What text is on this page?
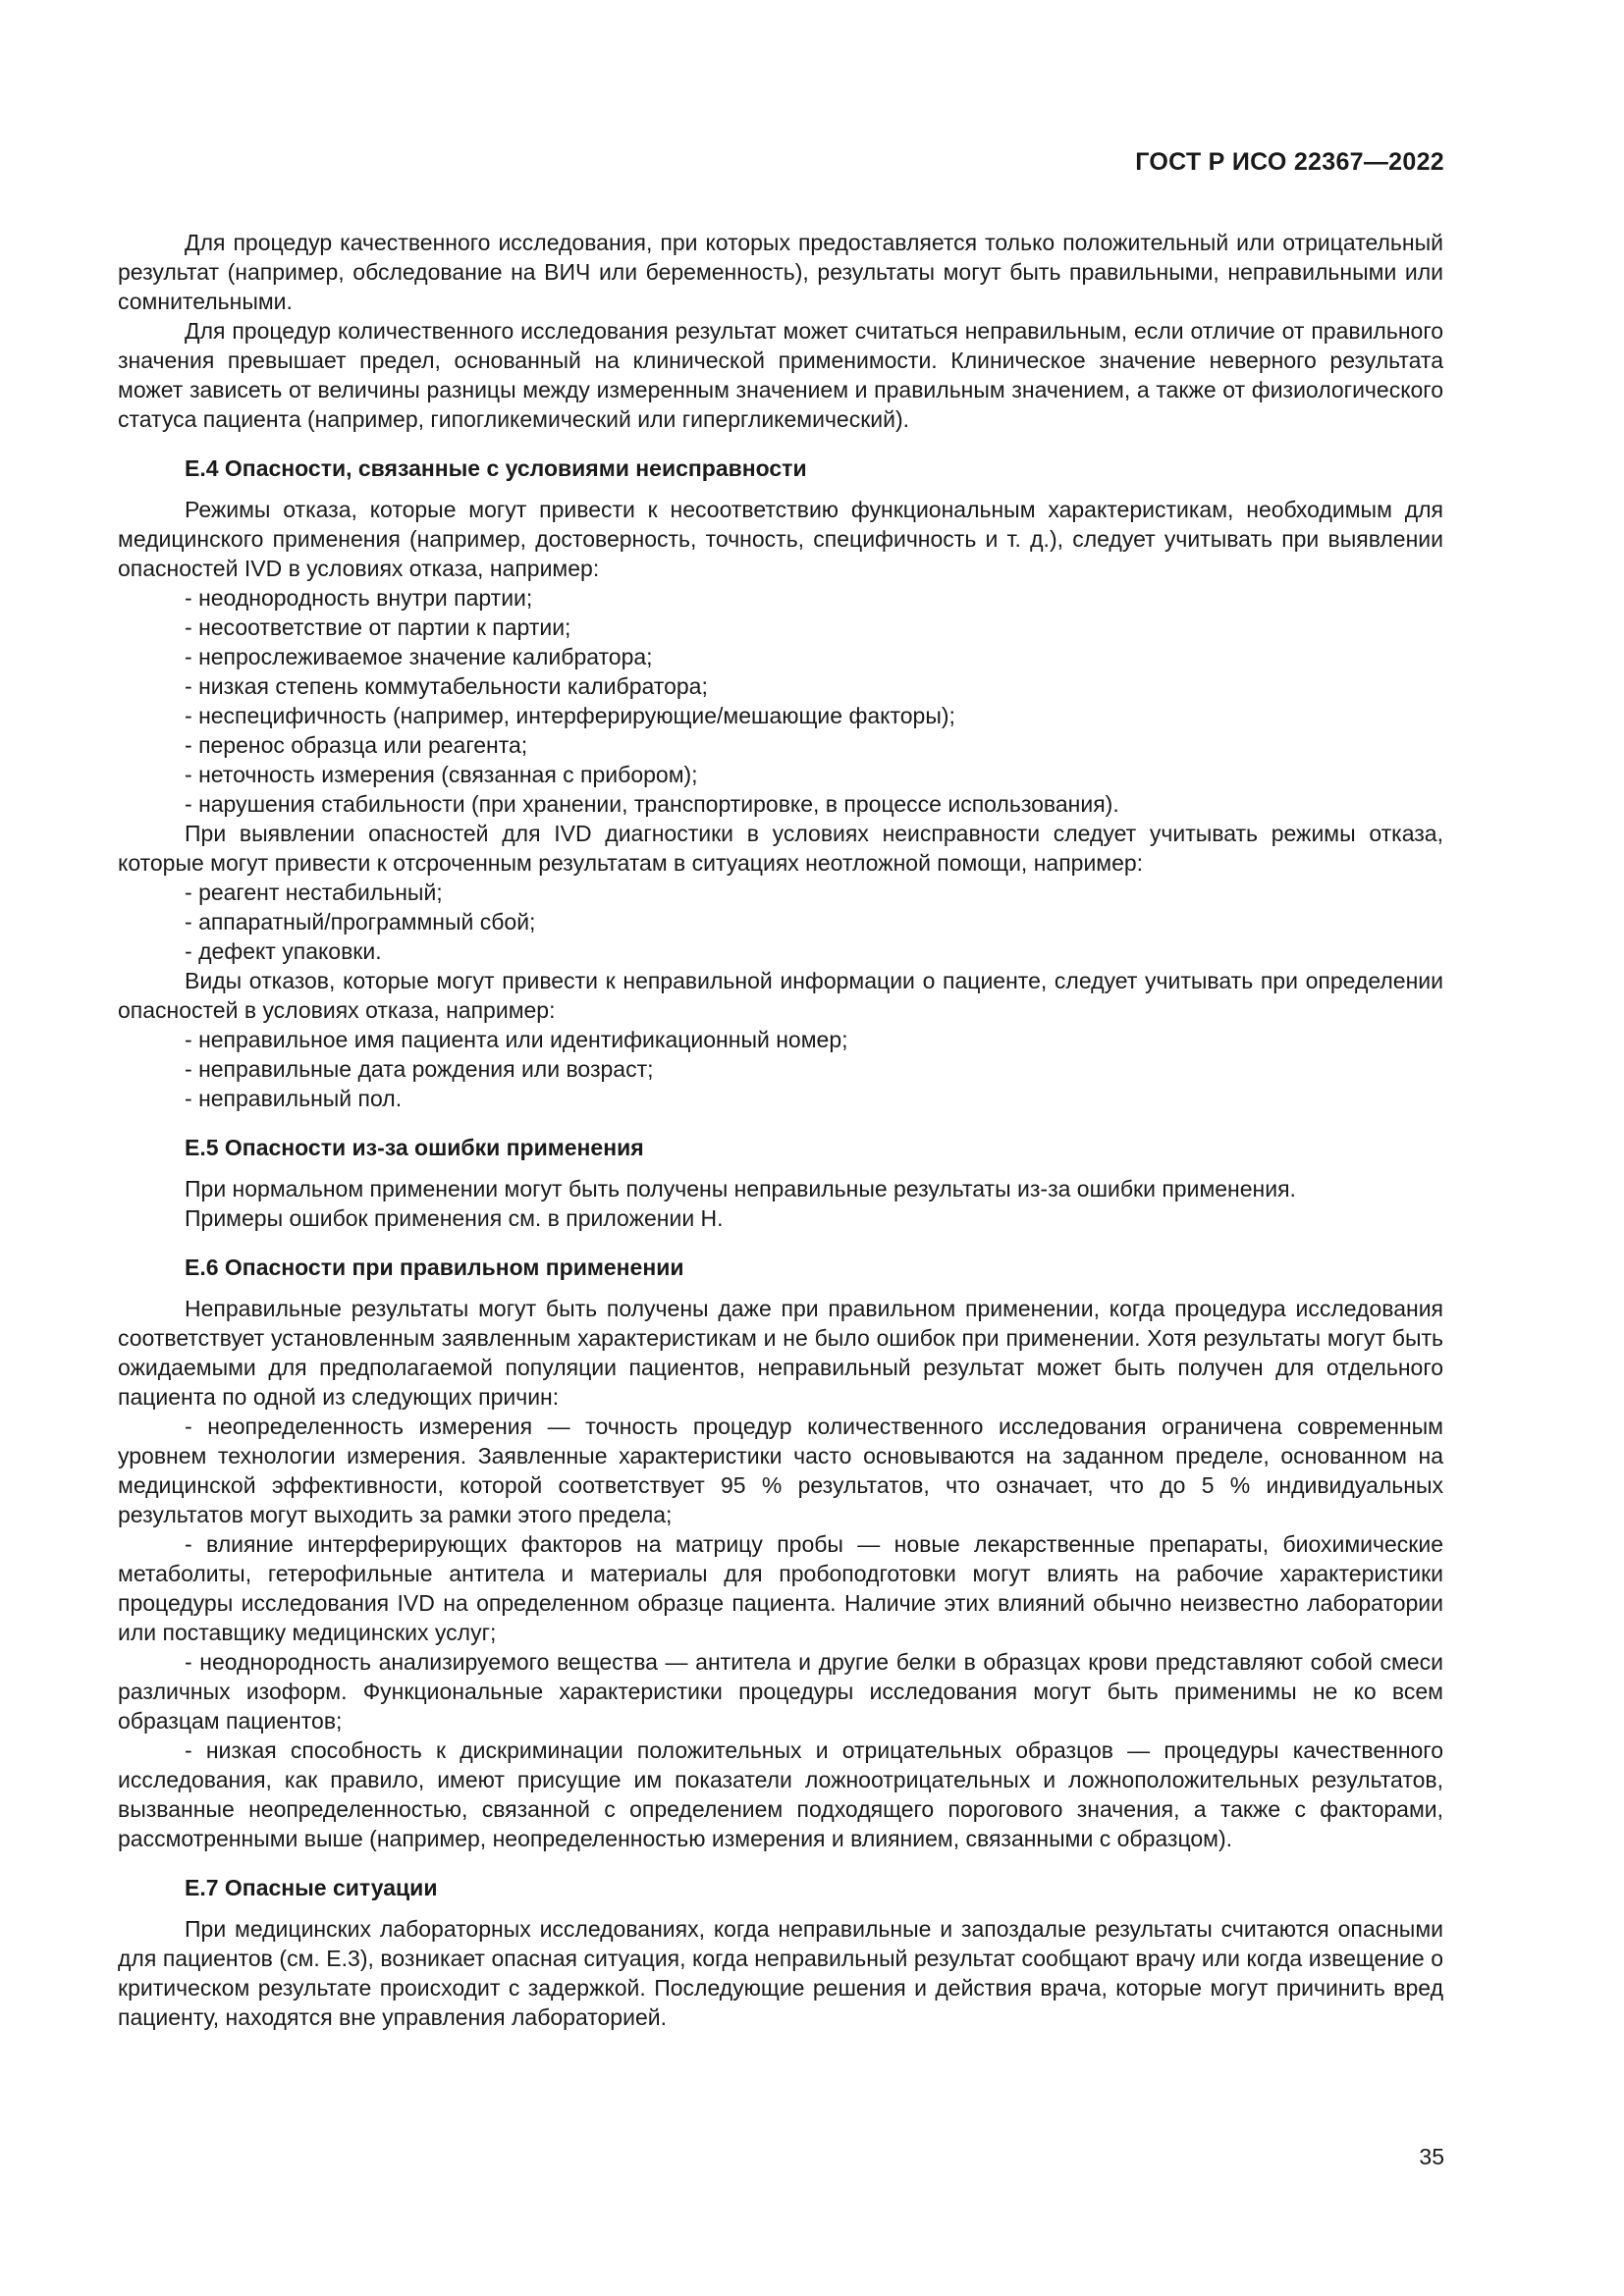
ГОСТ Р ИСО 22367—2022

Для процедур качественного исследования, при которых предоставляется только положительный или отрицательный результат (например, обследование на ВИЧ или беременность), результаты могут быть правильными, неправильными или сомнительными.

Для процедур количественного исследования результат может считаться неправильным, если отличие от правильного значения превышает предел, основанный на клинической применимости. Клиническое значение неверного результата может зависеть от величины разницы между измеренным значением и правильным значением, а также от физиологического статуса пациента (например, гипогликемический или гипергликемический).

Е.4 Опасности, связанные с условиями неисправности

Режимы отказа, которые могут привести к несоответствию функциональным характеристикам, необходимым для медицинского применения (например, достоверность, точность, специфичность и т. д.), следует учитывать при выявлении опасностей IVD в условиях отказа, например:

- неоднородность внутри партии;
- несоответствие от партии к партии;
- непрослеживаемое значение калибратора;
- низкая степень коммутабельности калибратора;
- неспецифичность (например, интерферирующие/мешающие факторы);
- перенос образца или реагента;
- неточность измерения (связанная с прибором);
- нарушения стабильности (при хранении, транспортировке, в процессе использования).

При выявлении опасностей для IVD диагностики в условиях неисправности следует учитывать режимы отказа, которые могут привести к отсроченным результатам в ситуациях неотложной помощи, например:

- реагент нестабильный;
- аппаратный/программный сбой;
- дефект упаковки.

Виды отказов, которые могут привести к неправильной информации о пациенте, следует учитывать при определении опасностей в условиях отказа, например:

- неправильное имя пациента или идентификационный номер;
- неправильные дата рождения или возраст;
- неправильный пол.
Е.5 Опасности из-за ошибки применения

При нормальном применении могут быть получены неправильные результаты из-за ошибки применения.

Примеры ошибок применения см. в приложении Н.

Е.6 Опасности при правильном применении

Неправильные результаты могут быть получены даже при правильном применении, когда процедура исследования соответствует установленным заявленным характеристикам и не было ошибок при применении. Хотя результаты могут быть ожидаемыми для предполагаемой популяции пациентов, неправильный результат может быть получен для отдельного пациента по одной из следующих причин:

- неопределенность измерения — точность процедур количественного исследования ограничена современным уровнем технологии измерения. Заявленные характеристики часто основываются на заданном пределе, основанном на медицинской эффективности, которой соответствует 95 % результатов, что означает, что до 5 % индивидуальных результатов могут выходить за рамки этого предела;

- влияние интерферирующих факторов на матрицу пробы — новые лекарственные препараты, биохимические метаболиты, гетерофильные антитела и материалы для пробоподготовки могут влиять на рабочие характеристики процедуры исследования IVD на определенном образце пациента. Наличие этих влияний обычно неизвестно лаборатории или поставщику медицинских услуг;

- неоднородность анализируемого вещества — антитела и другие белки в образцах крови представляют собой смеси различных изоформ. Функциональные характеристики процедуры исследования могут быть применимы не ко всем образцам пациентов;

- низкая способность к дискриминации положительных и отрицательных образцов — процедуры качественного исследования, как правило, имеют присущие им показатели ложноотрицательных и ложноположительных результатов, вызванные неопределенностью, связанной с определением подходящего порогового значения, а также с факторами, рассмотренными выше (например, неопределенностью измерения и влиянием, связанными с образцом).

Е.7 Опасные ситуации

При медицинских лабораторных исследованиях, когда неправильные и запоздалые результаты считаются опасными для пациентов (см. Е.3), возникает опасная ситуация, когда неправильный результат сообщают врачу или когда извещение о критическом результате происходит с задержкой. Последующие решения и действия врача, которые могут причинить вред пациенту, находятся вне управления лабораторией.

35
